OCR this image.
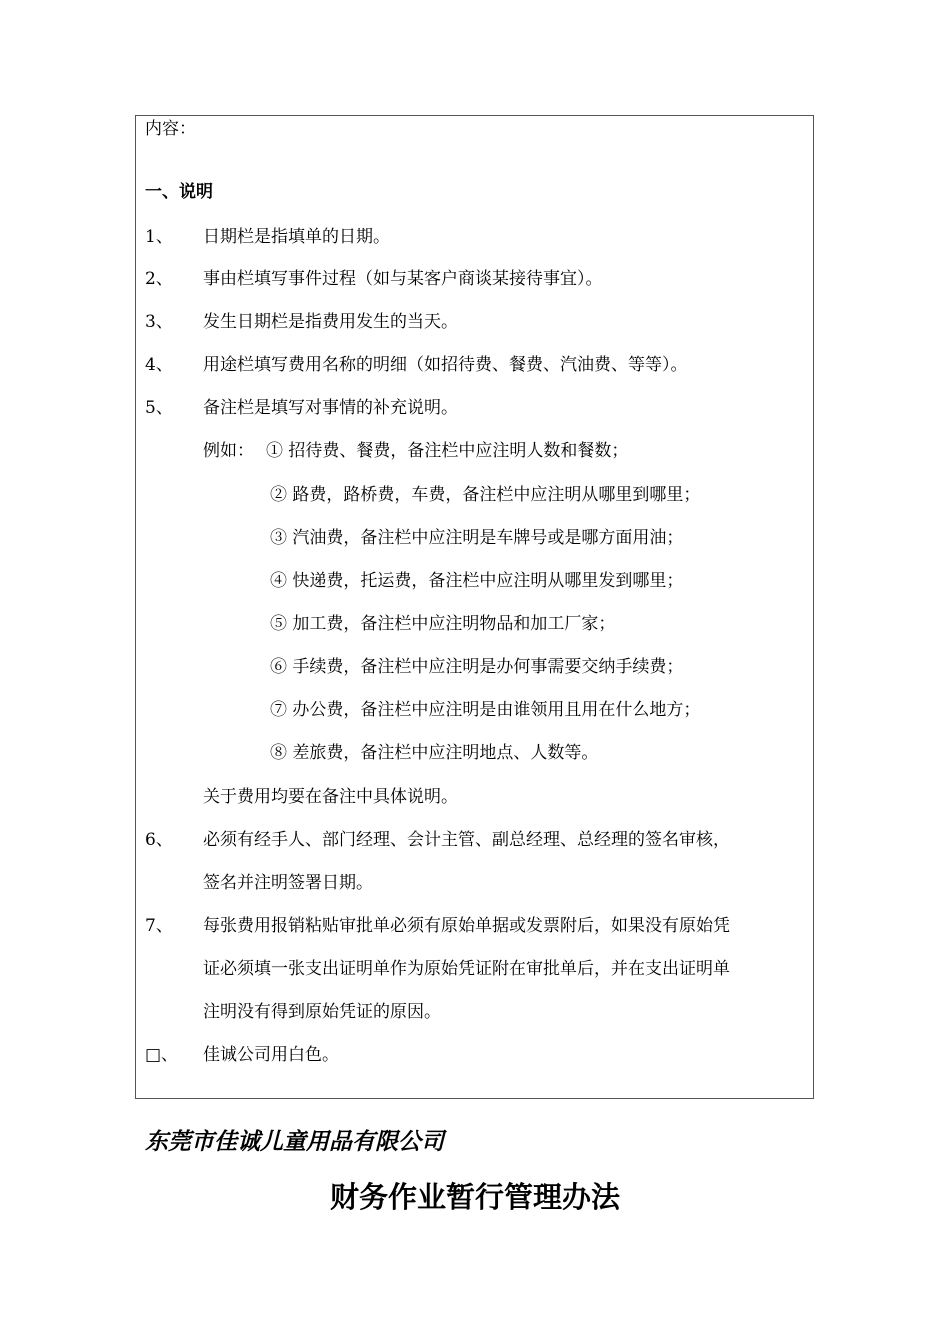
内容：
一、说明
1、 日期栏是指填单的日期。
2、 事由栏填写事件过程（如与某客户商谈某接待事宜）。
3、 发生日期栏是指费用发生的当天。
4、 用途栏填写费用名称的明细（如招待费、餐费、汽油费、等等）。
5、 备注栏是填写对事情的补充说明。
例如： ① 招待费、餐费，备注栏中应注明人数和餐数；
② 路费，路桥费，车费，备注栏中应注明从哪里到哪里；
③ 汽油费，备注栏中应注明是车牌号或是哪方面用油；
④ 快递费，托运费，备注栏中应注明从哪里发到哪里；
⑤ 加工费，备注栏中应注明物品和加工厂家；
⑥ 手续费，备注栏中应注明是办何事需要交纳手续费；
⑦ 办公费，备注栏中应注明是由谁领用且用在什么地方；
⑧ 差旅费，备注栏中应注明地点、人数等。
关于费用均要在备注中具体说明。
6、 必须有经手人、部门经理、会计主管、副总经理、总经理的签名审核，
签名并注明签署日期。
7、 每张费用报销粘贴审批单必须有原始单据或发票附后，如果没有原始凭
证必须填一张支出证明单作为原始凭证附在审批单后，并在支出证明单
注明没有得到原始凭证的原因。
□、 佳诚公司用白色。
东莞市佳诚儿童用品有限公司
财务作业暂行管理办法
